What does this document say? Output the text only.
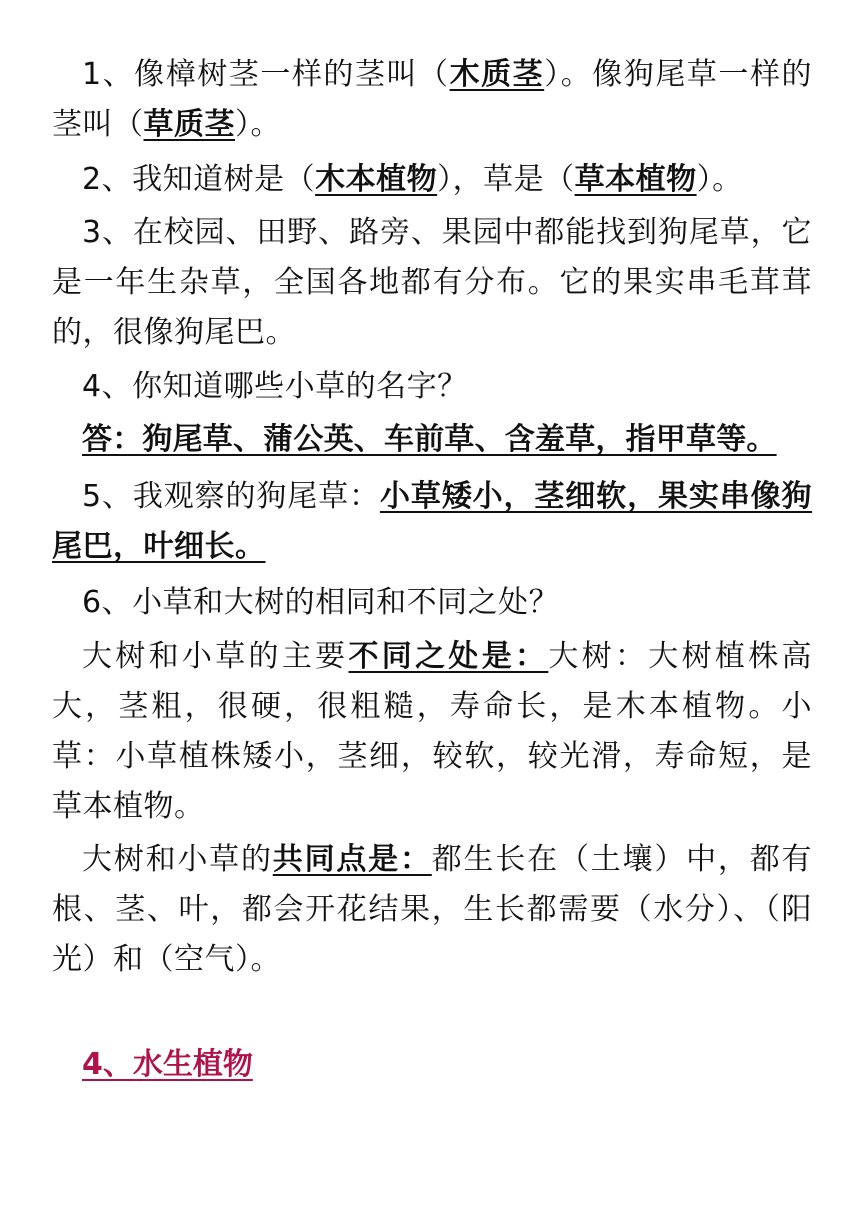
1、像樟树茎一样的茎叫（木质茎）。像狗尾草一样的茎叫（草质茎）。

2、我知道树是（木本植物），草是（草本植物）。

3、在校园、田野、路旁、果园中都能找到狗尾草，它是一年生杂草，全国各地都有分布。它的果实串毛茸茸的，很像狗尾巴。

4、你知道哪些小草的名字？

答：狗尾草、蒲公英、车前草、含羞草，指甲草等。

5、我观察的狗尾草：小草矮小，茎细软，果实串像狗尾巴，叶细长。

6、小草和大树的相同和不同之处？

大树和小草的主要不同之处是：大树：大树植株高大，茎粗，很硬，很粗糙，寿命长，是木本植物。小草：小草植株矮小，茎细，较软，较光滑，寿命短，是草本植物。

大树和小草的共同点是：都生长在（土壤）中，都有根、茎、叶，都会开花结果，生长都需要（水分）、（阳光）和（空气）。

4、水生植物
